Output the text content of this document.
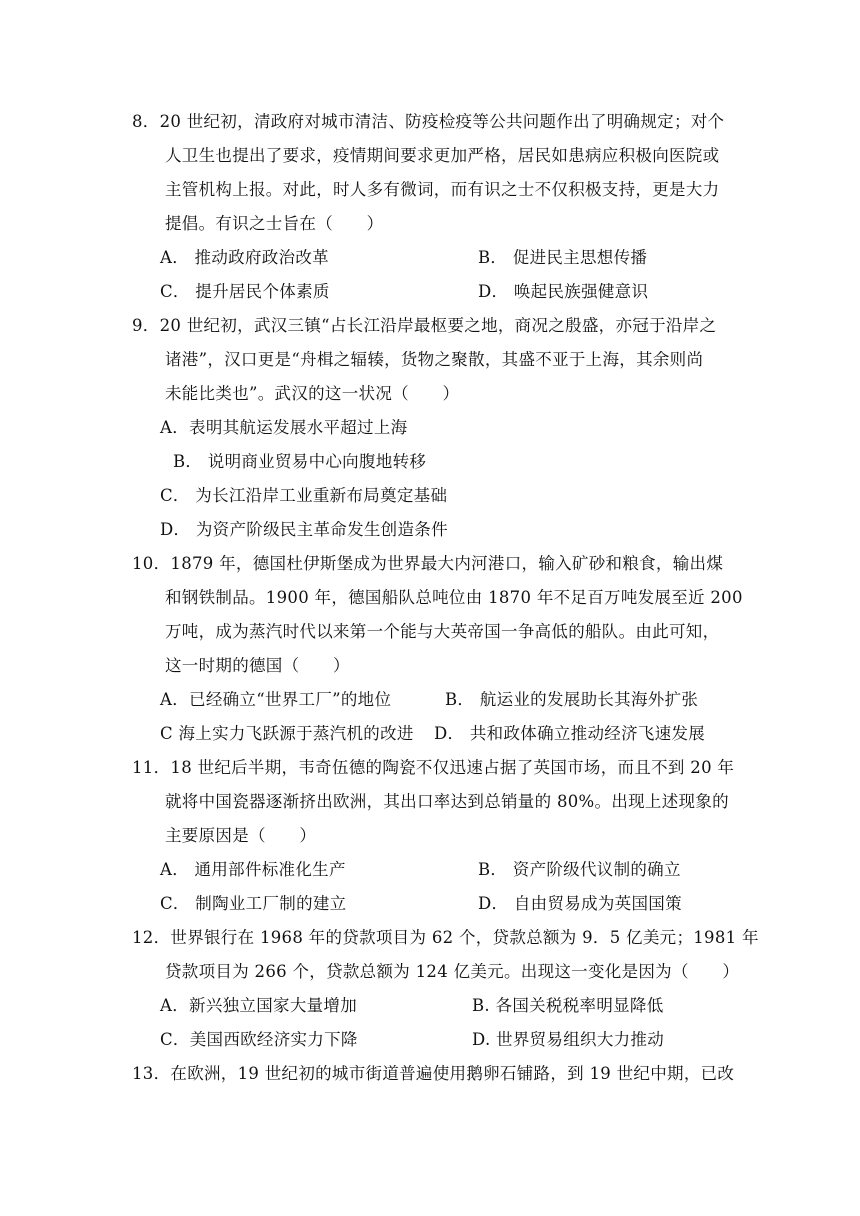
8．20 世纪初，清政府对城市清洁、防疫检疫等公共问题作出了明确规定；对个
人卫生也提出了要求，疫情期间要求更加严格，居民如患病应积极向医院或
主管机构上报。对此，时人多有微词，而有识之士不仅积极支持，更是大力
提倡。有识之士旨在（　　）
A． 推动政府政治改革	B． 促进民主思想传播
C． 提升居民个体素质	D． 唤起民族强健意识
9．20 世纪初，武汉三镇“占长江沿岸最枢要之地，商况之殷盛，亦冠于沿岸之
诸港”，汉口更是“舟楫之辐辏，货物之聚散，其盛不亚于上海，其余则尚
未能比类也”。武汉的这一状况（　　）
A．表明其航运发展水平超过上海
B． 说明商业贸易中心向腹地转移
C． 为长江沿岸工业重新布局奠定基础
D． 为资产阶级民主革命发生创造条件
10．1879 年，德国杜伊斯堡成为世界最大内河港口，输入矿砂和粮食，输出煤
和钢铁制品。1900 年，德国船队总吨位由 1870 年不足百万吨发展至近 200
万吨，成为蒸汽时代以来第一个能与大英帝国一争高低的船队。由此可知，
这一时期的德国（　　）
A．已经确立“世界工厂”的地位	B． 航运业的发展助长其海外扩张
C 海上实力飞跃源于蒸汽机的改进 D． 共和政体确立推动经济飞速发展
11．18 世纪后半期，韦奇伍德的陶瓷不仅迅速占据了英国市场，而且不到 20 年
就将中国瓷器逐渐挤出欧洲，其出口率达到总销量的 80%。出现上述现象的
主要原因是（　　）
A． 通用部件标准化生产	B． 资产阶级代议制的确立
C． 制陶业工厂制的建立	D． 自由贸易成为英国国策
12．世界银行在 1968 年的贷款项目为 62 个，贷款总额为 9．5 亿美元；1981 年
贷款项目为 266 个，贷款总额为 124 亿美元。出现这一变化是因为（　　）
A．新兴独立国家大量增加	B. 各国关税税率明显降低
C．美国西欧经济实力下降	D. 世界贸易组织大力推动
13．在欧洲，19 世纪初的城市街道普遍使用鹅卵石铺路，到 19 世纪中期，已改
